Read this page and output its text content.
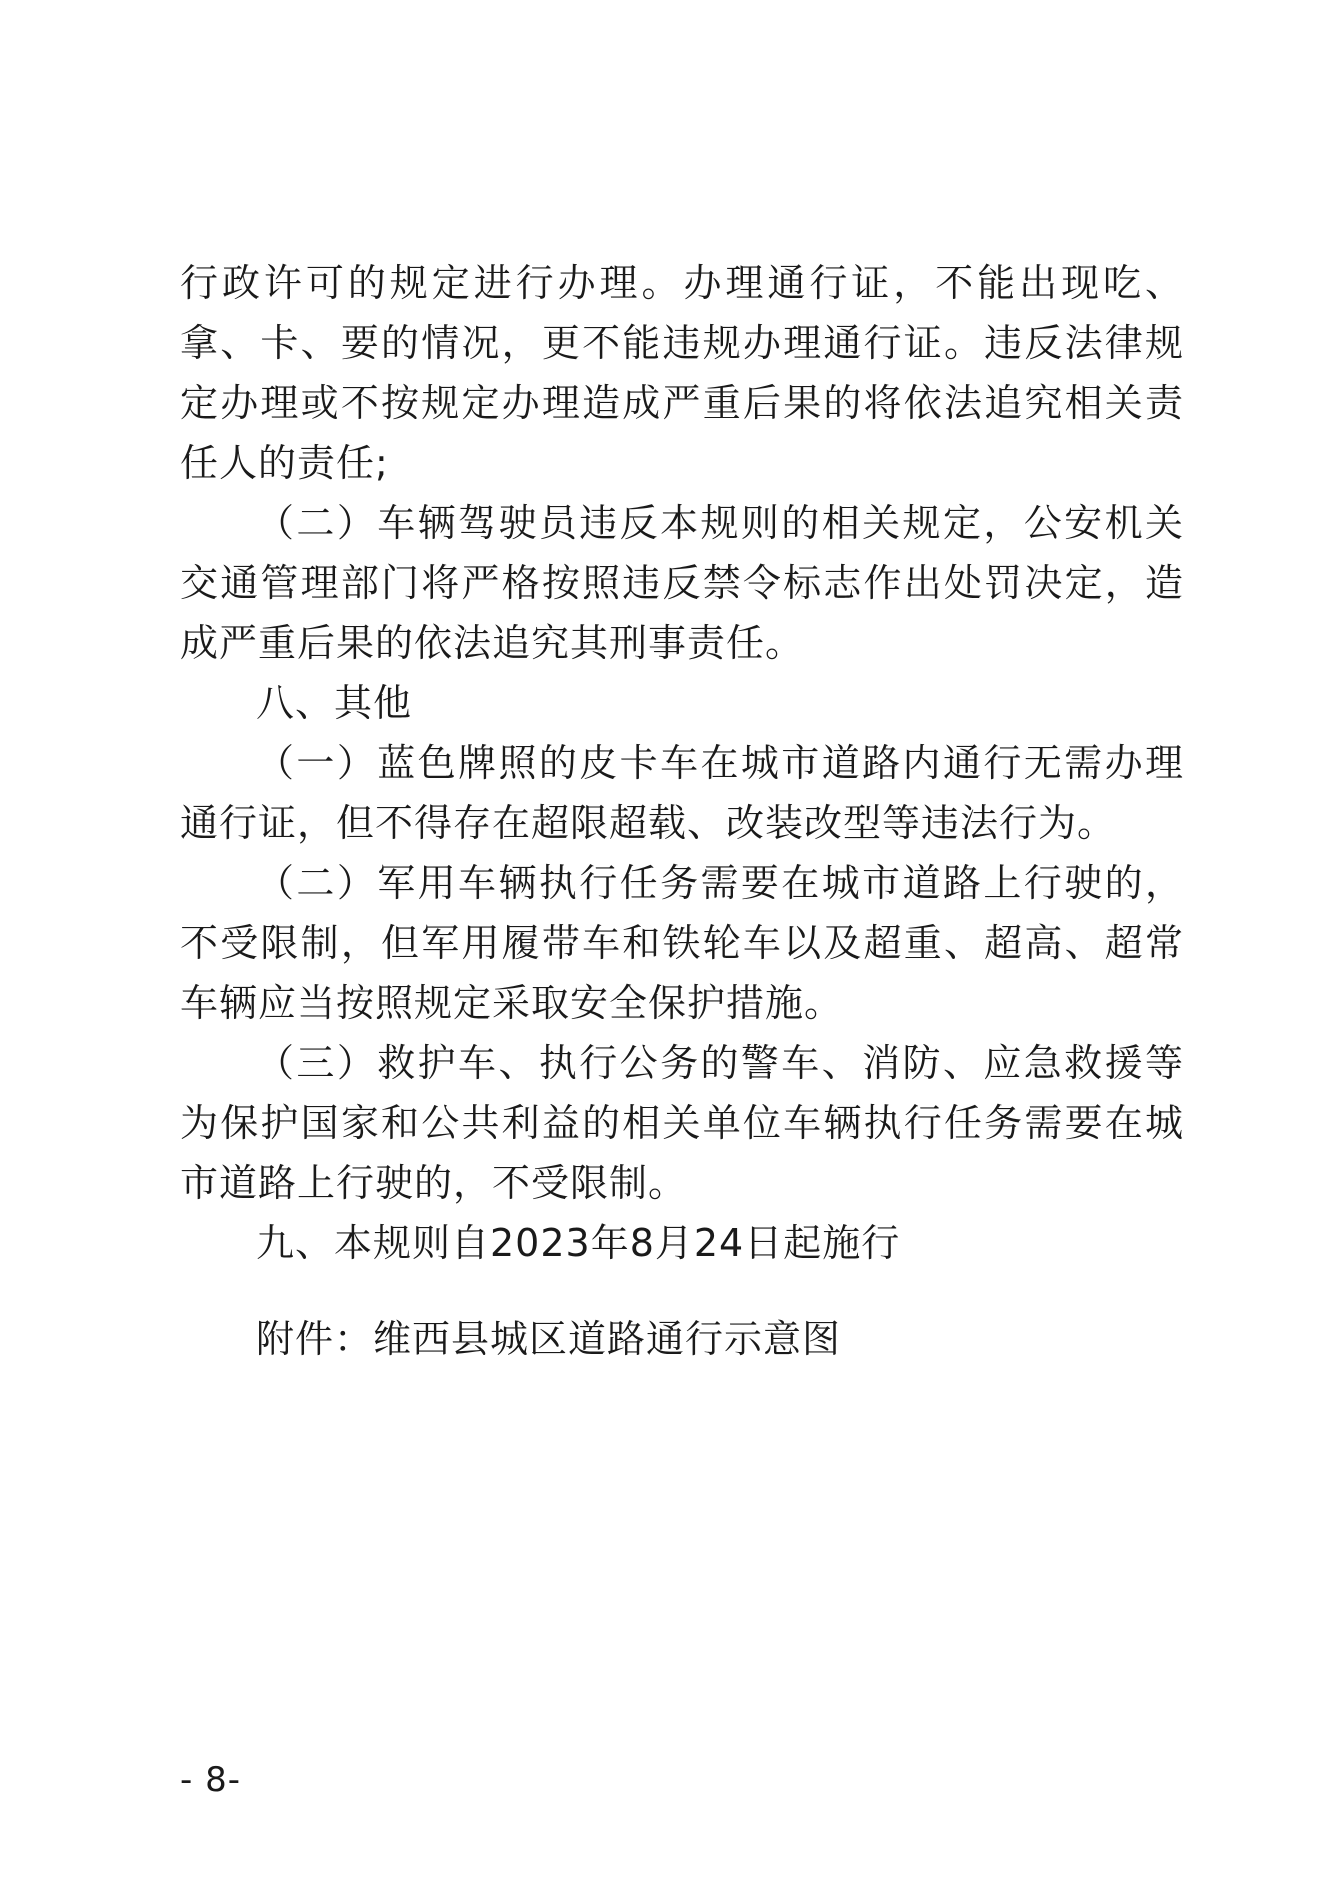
行政许可的规定进行办理。办理通行证，不能出现吃、拿、卡、要的情况，更不能违规办理通行证。违反法律规定办理或不按规定办理造成严重后果的将依法追究相关责任人的责任;

（二）车辆驾驶员违反本规则的相关规定，公安机关交通管理部门将严格按照违反禁令标志作出处罚决定，造成严重后果的依法追究其刑事责任。

八、其他

（一）蓝色牌照的皮卡车在城市道路内通行无需办理通行证，但不得存在超限超载、改装改型等违法行为。

（二）军用车辆执行任务需要在城市道路上行驶的，不受限制，但军用履带车和铁轮车以及超重、超高、超常车辆应当按照规定采取安全保护措施。

（三）救护车、执行公务的警车、消防、应急救援等为保护国家和公共利益的相关单位车辆执行任务需要在城市道路上行驶的，不受限制。

九、本规则自2023年8月24日起施行

附件：维西县城区道路通行示意图

- 8-
